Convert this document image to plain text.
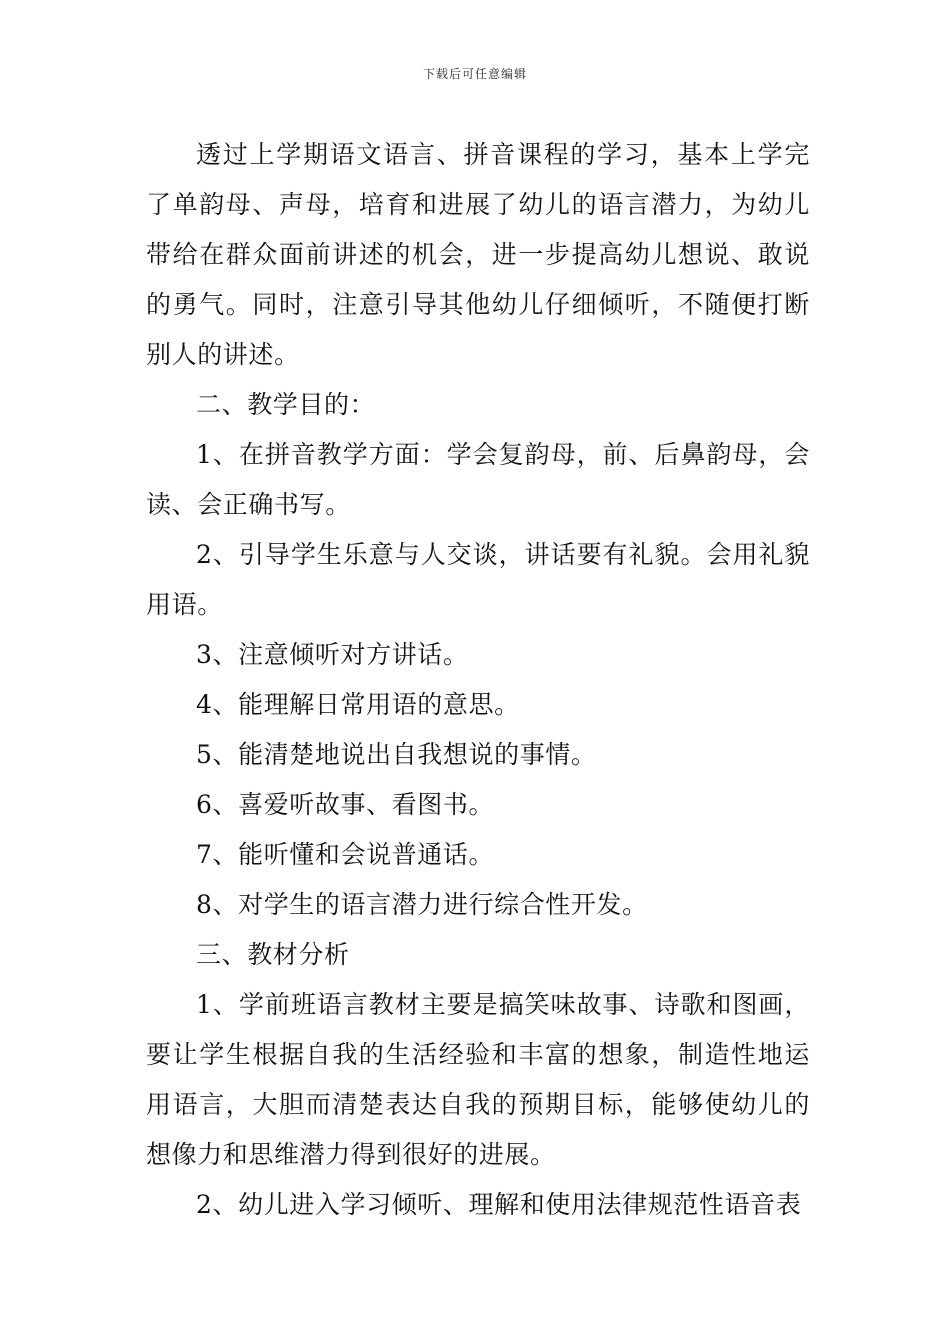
下载后可任意编辑

透过上学期语文语言、拼音课程的学习，基本上学完了单韵母、声母，培育和进展了幼儿的语言潜力，为幼儿带给在群众面前讲述的机会，进一步提高幼儿想说、敢说的勇气。同时，注意引导其他幼儿仔细倾听，不随便打断别人的讲述。

二、教学目的：

1、在拼音教学方面：学会复韵母，前、后鼻韵母，会读、会正确书写。

2、引导学生乐意与人交谈，讲话要有礼貌。会用礼貌用语。

3、注意倾听对方讲话。

4、能理解日常用语的意思。

5、能清楚地说出自我想说的事情。

6、喜爱听故事、看图书。

7、能听懂和会说普通话。

8、对学生的语言潜力进行综合性开发。

三、教材分析

1、学前班语言教材主要是搞笑味故事、诗歌和图画，要让学生根据自我的生活经验和丰富的想象，制造性地运用语言，大胆而清楚表达自我的预期目标，能够使幼儿的想像力和思维潜力得到很好的进展。

2、幼儿进入学习倾听、理解和使用法律规范性语音表
